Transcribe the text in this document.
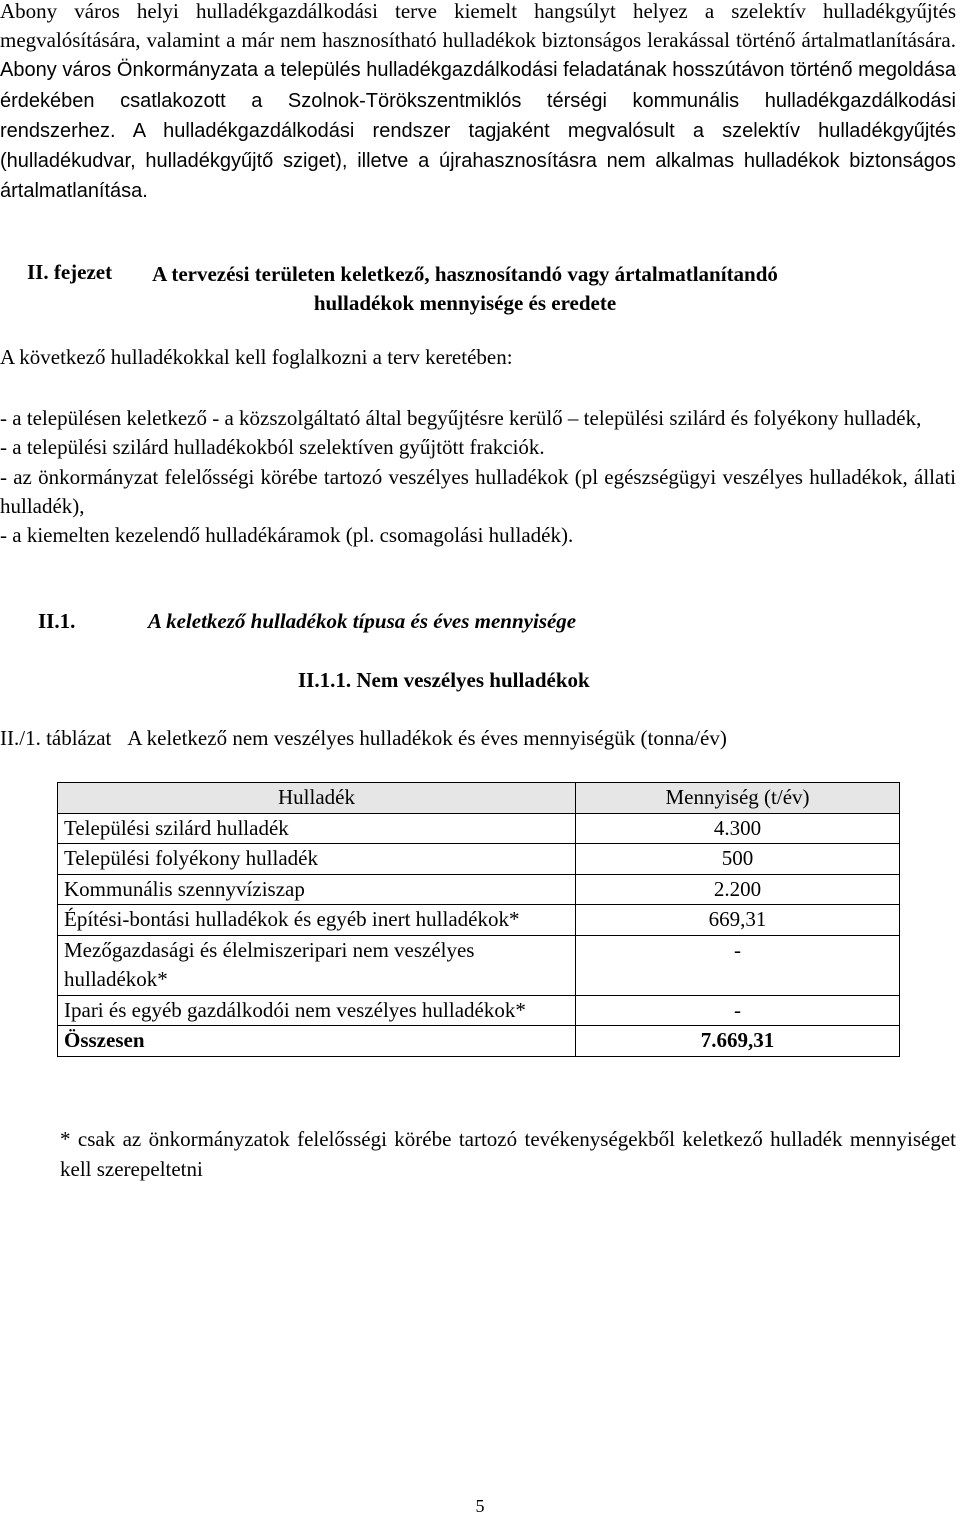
Abony város helyi hulladékgazdálkodási terve kiemelt hangsúlyt helyez a szelektív hulladékgyűjtés megvalósítására, valamint a már nem hasznosítható hulladékok biztonságos lerakással történő ártalmatlanítására. Abony város Önkormányzata a település hulladékgazdálkodási feladatának hosszútávon történő megoldása érdekében csatlakozott a Szolnok-Törökszentmiklós térségi kommunális hulladékgazdálkodási rendszerhez. A hulladékgazdálkodási rendszer tagjaként megvalósult a szelektív hulladékgyűjtés (hulladékudvar, hulladékgyűjtő sziget), illetve a újrahasznosításra nem alkalmas hulladékok biztonságos ártalmatlanítása.
II. fejezet A tervezési területen keletkező, hasznosítandó vagy ártalmatlanítandó hulladékok mennyisége és eredete
A következő hulladékokkal kell foglalkozni a terv keretében:
- a településen keletkező - a közszolgáltató által begyűjtésre kerülő – települési szilárd és folyékony hulladék,
- a települési szilárd hulladékokból szelektíven gyűjtött frakciók.
- az önkormányzat felelősségi körébe tartozó veszélyes hulladékok (pl egészségügyi veszélyes hulladékok, állati hulladék),
- a kiemelten kezelendő hulladékáramok (pl. csomagolási hulladék).
II.1.	A keletkező hulladékok típusa és éves mennyisége
II.1.1. Nem veszélyes hulladékok
II./1. táblázat A keletkező nem veszélyes hulladékok és éves mennyiségük (tonna/év)
Hulladék	Mennyiség (t/év)
Települési szilárd hulladék	4.300
Települési folyékony hulladék	500
Kommunális szennyvíziszap	2.200
Építési-bontási hulladékok és egyéb inert hulladékok*	669,31
Mezőgazdasági és élelmiszeripari nem veszélyes hulladékok*	-
Ipari és egyéb gazdálkodói nem veszélyes hulladékok*	-
Összesen	7.669,31
* csak az önkormányzatok felelősségi körébe tartozó tevékenységekből keletkező hulladék mennyiséget kell szerepeltetni
5
